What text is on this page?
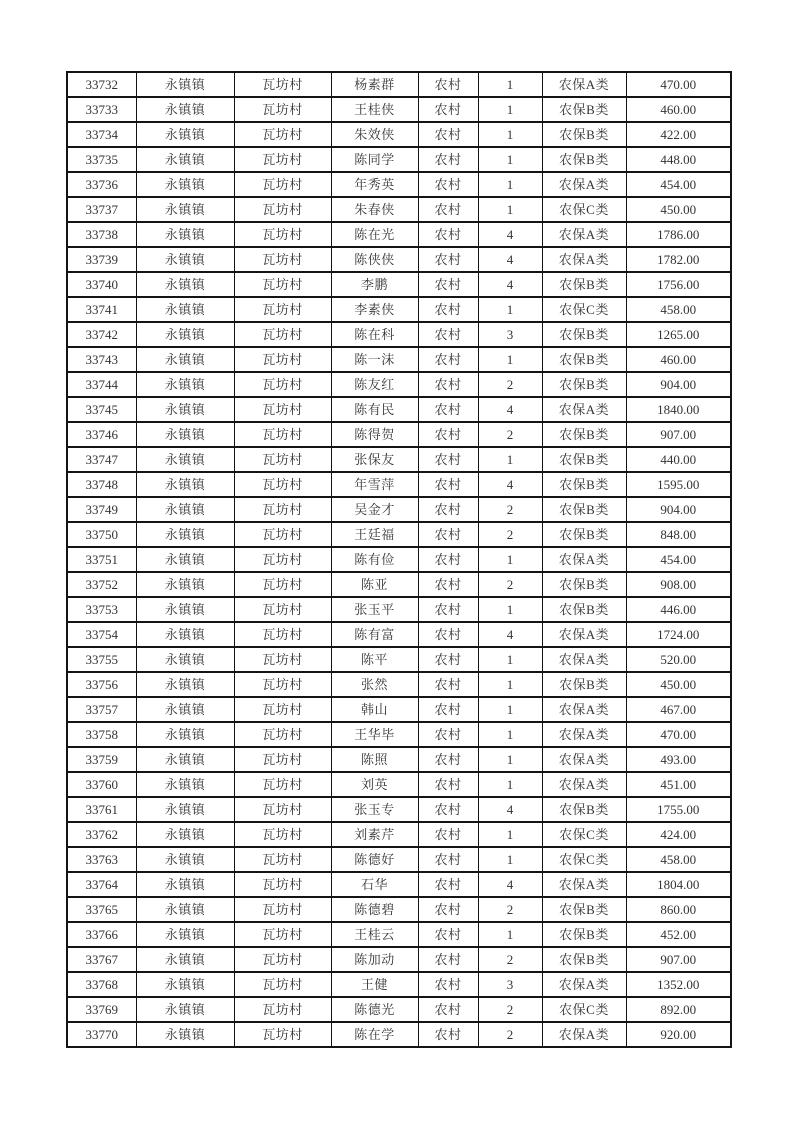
33732	永镇镇	瓦坊村	杨素群	农村	1	农保A类	470.00
33733	永镇镇	瓦坊村	王桂侠	农村	1	农保B类	460.00
33734	永镇镇	瓦坊村	朱效侠	农村	1	农保B类	422.00
33735	永镇镇	瓦坊村	陈同学	农村	1	农保B类	448.00
33736	永镇镇	瓦坊村	年秀英	农村	1	农保A类	454.00
33737	永镇镇	瓦坊村	朱春侠	农村	1	农保C类	450.00
33738	永镇镇	瓦坊村	陈在光	农村	4	农保A类	1786.00
33739	永镇镇	瓦坊村	陈侠侠	农村	4	农保A类	1782.00
33740	永镇镇	瓦坊村	李鹏	农村	4	农保B类	1756.00
33741	永镇镇	瓦坊村	李素侠	农村	1	农保C类	458.00
33742	永镇镇	瓦坊村	陈在科	农村	3	农保B类	1265.00
33743	永镇镇	瓦坊村	陈一沫	农村	1	农保B类	460.00
33744	永镇镇	瓦坊村	陈友红	农村	2	农保B类	904.00
33745	永镇镇	瓦坊村	陈有民	农村	4	农保A类	1840.00
33746	永镇镇	瓦坊村	陈得贺	农村	2	农保B类	907.00
33747	永镇镇	瓦坊村	张保友	农村	1	农保B类	440.00
33748	永镇镇	瓦坊村	年雪萍	农村	4	农保B类	1595.00
33749	永镇镇	瓦坊村	吴金才	农村	2	农保B类	904.00
33750	永镇镇	瓦坊村	王廷福	农村	2	农保B类	848.00
33751	永镇镇	瓦坊村	陈有俭	农村	1	农保A类	454.00
33752	永镇镇	瓦坊村	陈亚	农村	2	农保B类	908.00
33753	永镇镇	瓦坊村	张玉平	农村	1	农保B类	446.00
33754	永镇镇	瓦坊村	陈有富	农村	4	农保A类	1724.00
33755	永镇镇	瓦坊村	陈平	农村	1	农保A类	520.00
33756	永镇镇	瓦坊村	张然	农村	1	农保B类	450.00
33757	永镇镇	瓦坊村	韩山	农村	1	农保A类	467.00
33758	永镇镇	瓦坊村	王华毕	农村	1	农保A类	470.00
33759	永镇镇	瓦坊村	陈照	农村	1	农保A类	493.00
33760	永镇镇	瓦坊村	刘英	农村	1	农保A类	451.00
33761	永镇镇	瓦坊村	张玉专	农村	4	农保B类	1755.00
33762	永镇镇	瓦坊村	刘素芹	农村	1	农保C类	424.00
33763	永镇镇	瓦坊村	陈德好	农村	1	农保C类	458.00
33764	永镇镇	瓦坊村	石华	农村	4	农保A类	1804.00
33765	永镇镇	瓦坊村	陈德碧	农村	2	农保B类	860.00
33766	永镇镇	瓦坊村	王桂云	农村	1	农保B类	452.00
33767	永镇镇	瓦坊村	陈加动	农村	2	农保B类	907.00
33768	永镇镇	瓦坊村	王健	农村	3	农保A类	1352.00
33769	永镇镇	瓦坊村	陈德光	农村	2	农保C类	892.00
33770	永镇镇	瓦坊村	陈在学	农村	2	农保A类	920.00
